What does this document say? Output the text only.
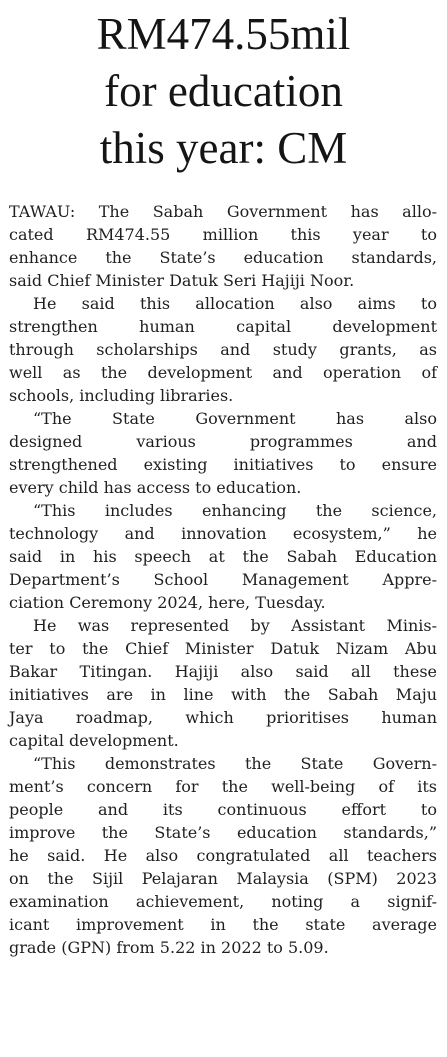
RM474.55mil
for education
this year: CM

TAWAU: The Sabah Government has allo-
cated RM474.55 million this year to
enhance the State’s education standards,
said Chief Minister Datuk Seri Hajiji Noor.

He said this allocation also aims to
strengthen human capital development
through scholarships and study grants, as
well as the development and operation of
schools, including libraries.

“The State Government has also
designed various programmes and
strengthened existing initiatives to ensure
every child has access to education.

“This includes enhancing the science,
technology and innovation ecosystem,” he
said in his speech at the Sabah Education
Department’s School Management Appre-
ciation Ceremony 2024, here, Tuesday.

He was represented by Assistant Minis-
ter to the Chief Minister Datuk Nizam Abu
Bakar Titingan. Hajiji also said all these
initiatives are in line with the Sabah Maju
Jaya roadmap, which prioritises human
capital development.

“This demonstrates the State Govern-
ment’s concern for the well-being of its
people and its continuous effort to
improve the State’s education standards,”
he said. He also congratulated all teachers
on the Sijil Pelajaran Malaysia (SPM) 2023
examination achievement, noting a signif-
icant improvement in the state average
grade (GPN) from 5.22 in 2022 to 5.09.
